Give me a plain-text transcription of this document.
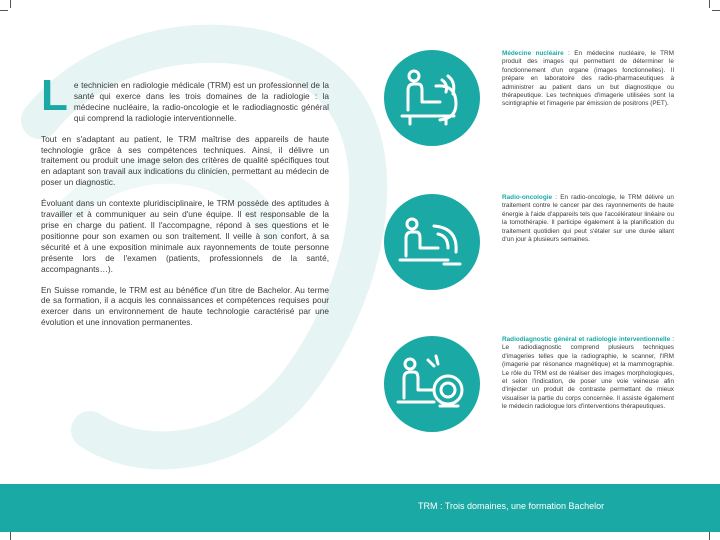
L e technicien en radiologie médicale (TRM) est un professionnel de la santé qui exerce dans les trois domaines de la radiologie : la médecine nucléaire, la radio-oncologie et le radiodiagnostic général qui comprend la radiologie interventionnelle.

Tout en s'adaptant au patient, le TRM maîtrise des appareils de haute technologie grâce à ses compétences techniques. Ainsi, il délivre un traitement ou produit une image selon des critères de qualité spécifiques tout en adaptant son travail aux indications du clinicien, permettant au médecin de poser un diagnostic.

Évoluant dans un contexte pluridisciplinaire, le TRM possède des aptitudes à travailler et à communiquer au sein d'une équipe. Il est responsable de la prise en charge du patient. Il l'accompagne, répond à ses questions et le positionne pour son examen ou son traitement. Il veille à son confort, à sa sécurité et à une exposition minimale aux rayonnements de toute personne présente lors de l'examen (patients, professionnels de la santé, accompagnants…).

En Suisse romande, le TRM est au bénéfice d'un titre de Bachelor. Au terme de sa formation, il a acquis les connaissances et compétences requises pour exercer dans un environnement de haute technologie caractérisé par une évolution et une innovation permanentes.

Médecine nucléaire : En médecine nucléaire, le TRM produit des images qui permettent de déterminer le fonctionnement d'un organe (images fonctionnelles). Il prépare en laboratoire des radio-pharmaceutiques à administrer au patient dans un but diagnostique ou thérapeutique. Les techniques d'imagerie utilisées sont la scintigraphie et l'imagerie par émission de positrons (PET).
Radio-oncologie : En radio-oncologie, le TRM délivre un traitement contre le cancer par des rayonnements de haute énergie à l'aide d'appareils tels que l'accélérateur linéaire ou la tomothérapie. Il participe également à la planification du traitement quotidien qui peut s'étaler sur une durée allant d'un jour à plusieurs semaines.
Radiodiagnostic général et radiologie interventionnelle : Le radiodiagnostic comprend plusieurs techniques d'imageries telles que la radiographie, le scanner, l'IRM (imagerie par résonance magnétique) et la mammographie. Le rôle du TRM est de réaliser des images morphologiques, et selon l'indication, de poser une voie veineuse afin d'injecter un produit de contraste permettant de mieux visualiser la partie du corps concernée. Il assiste également le médecin radiologue lors d'interventions thérapeutiques.
TRM : Trois domaines, une formation Bachelor
